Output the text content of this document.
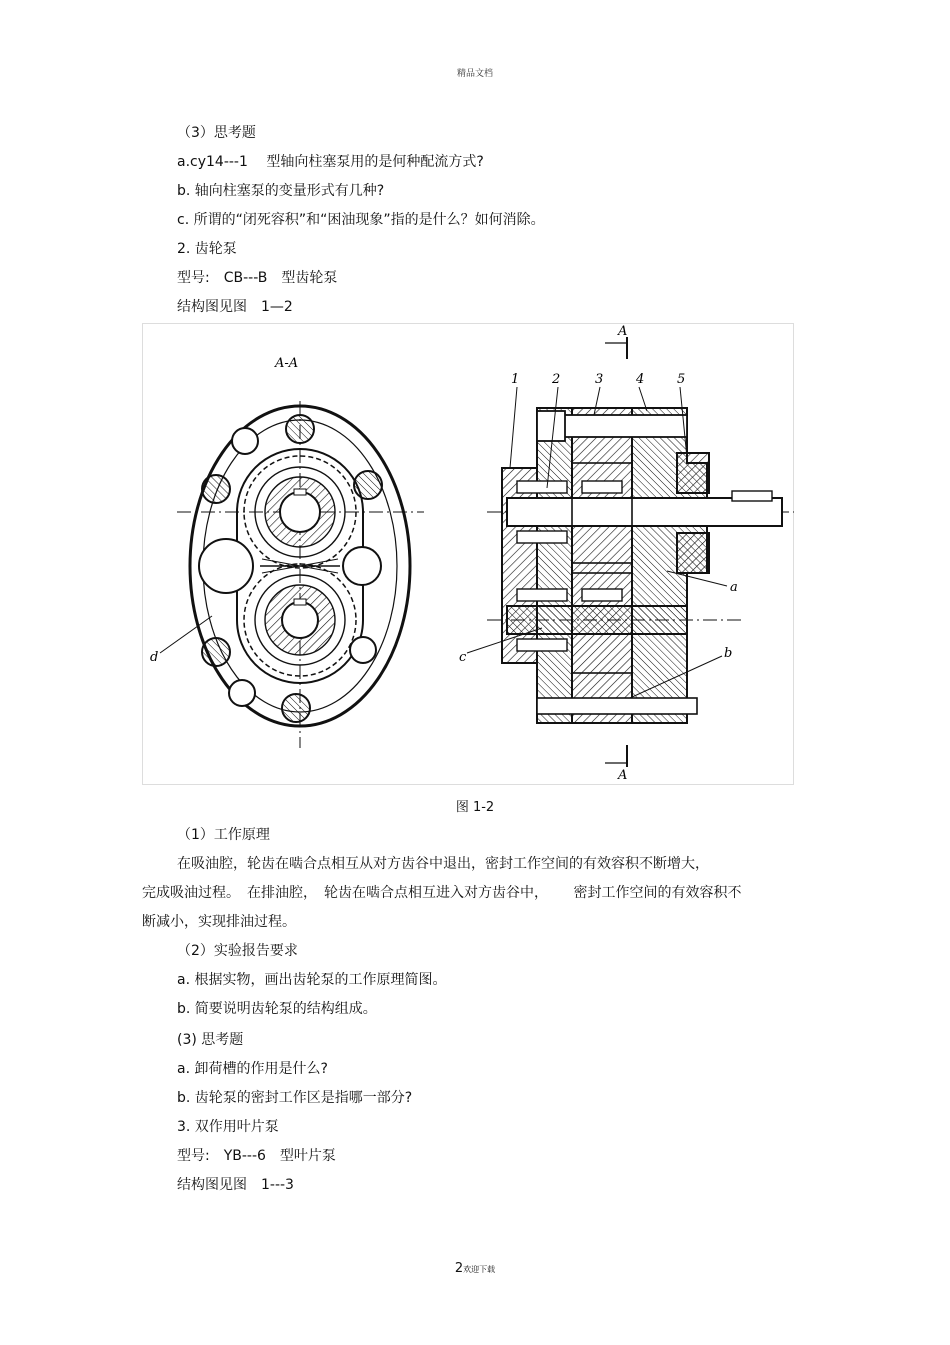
精品文档
（3）思考题
a.cy14---1　 型轴向柱塞泵用的是何种配流方式?
b. 轴向柱塞泵的变量形式有几种?
c. 所谓的“闭死容积”和“困油现象”指的是什么？如何消除。
2. 齿轮泵
型号:　CB---B　型齿轮泵
结构图见图　1—2
A-A
d
A
A
1	2	3	4	5
a
b
c
图 1-2
（1）工作原理
在吸油腔，轮齿在啮合点相互从对方齿谷中退出，密封工作空间的有效容积不断增大，
完成吸油过程。　在排油腔，　轮齿在啮合点相互进入对方齿谷中，　　 密封工作空间的有效容积不
断减小，实现排油过程。
（2）实验报告要求
a. 根据实物，画出齿轮泵的工作原理简图。
b. 简要说明齿轮泵的结构组成。
(3) 思考题
a. 卸荷槽的作用是什么?
b. 齿轮泵的密封工作区是指哪一部分?
3. 双作用叶片泵
型号:　YB---6　型叶片泵
结构图见图　1---3
2欢迎下载
